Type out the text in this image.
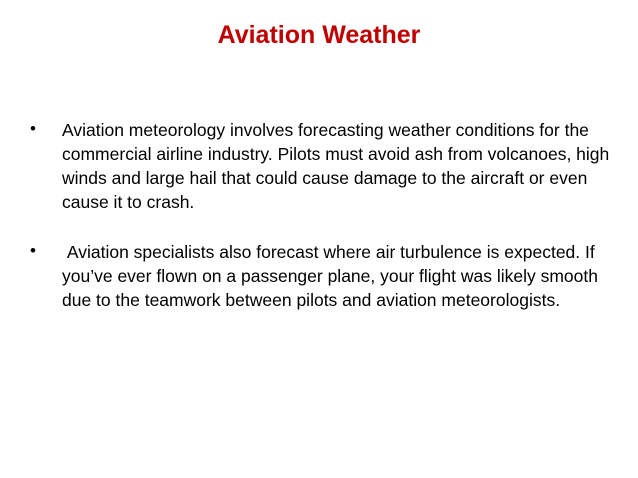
Aviation Weather
• Aviation meteorology involves forecasting weather conditions for the commercial airline industry. Pilots must avoid ash from volcanoes, high winds and large hail that could cause damage to the aircraft or even cause it to crash.
• Aviation specialists also forecast where air turbulence is expected. If you’ve ever flown on a passenger plane, your flight was likely smooth due to the teamwork between pilots and aviation meteorologists.
